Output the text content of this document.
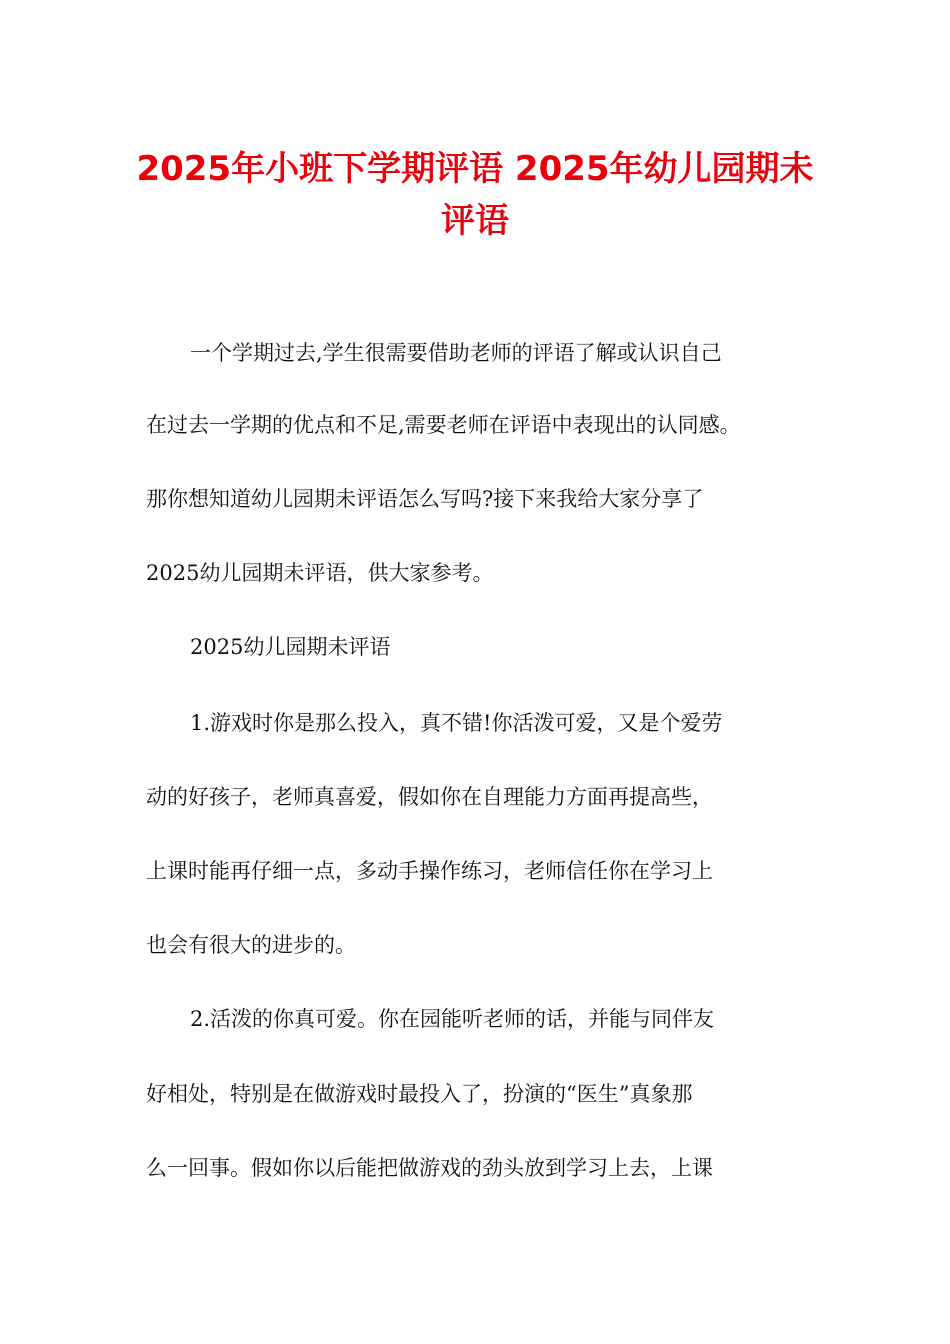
2025年小班下学期评语 2025年幼儿园期未
评语
一个学期过去,学生很需要借助老师的评语了解或认识自己
在过去一学期的优点和不足,需要老师在评语中表现出的认同感。
那你想知道幼儿园期未评语怎么写吗?接下来我给大家分享了
2025幼儿园期未评语，供大家参考。
2025幼儿园期未评语
1.游戏时你是那么投入，真不错!你活泼可爱，又是个爱劳
动的好孩子，老师真喜爱，假如你在自理能力方面再提高些，
上课时能再仔细一点，多动手操作练习，老师信任你在学习上
也会有很大的进步的。
2.活泼的你真可爱。你在园能听老师的话，并能与同伴友
好相处，特别是在做游戏时最投入了，扮演的“医生”真象那
么一回事。假如你以后能把做游戏的劲头放到学习上去，上课
